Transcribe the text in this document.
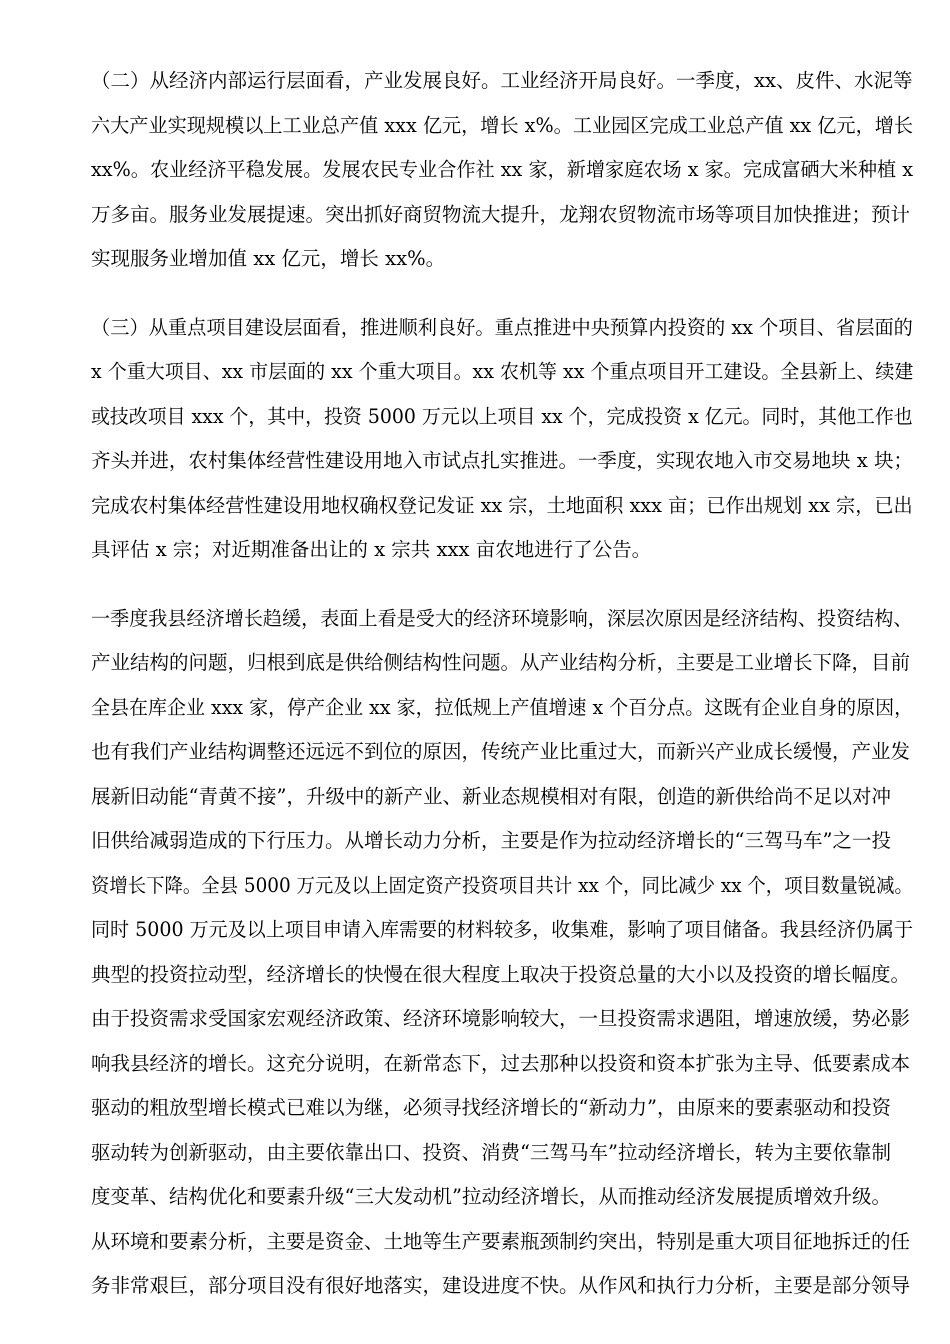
（二）从经济内部运行层面看，产业发展良好。工业经济开局良好。一季度，xx、皮件、水泥等
六大产业实现规模以上工业总产值 xxx 亿元，增长 x%。工业园区完成工业总产值 xx 亿元，增长
xx%。农业经济平稳发展。发展农民专业合作社 xx 家，新增家庭农场 x 家。完成富硒大米种植 x
万多亩。服务业发展提速。突出抓好商贸物流大提升，龙翔农贸物流市场等项目加快推进；预计
实现服务业增加值 xx 亿元，增长 xx%。
（三）从重点项目建设层面看，推进顺利良好。重点推进中央预算内投资的 xx 个项目、省层面的
x 个重大项目、xx 市层面的 xx 个重大项目。xx 农机等 xx 个重点项目开工建设。全县新上、续建
或技改项目 xxx 个，其中，投资 5000 万元以上项目 xx 个，完成投资 x 亿元。同时，其他工作也
齐头并进，农村集体经营性建设用地入市试点扎实推进。一季度，实现农地入市交易地块 x 块；
完成农村集体经营性建设用地权确权登记发证 xx 宗，土地面积 xxx 亩；已作出规划 xx 宗，已出
具评估 x 宗；对近期准备出让的 x 宗共 xxx 亩农地进行了公告。
一季度我县经济增长趋缓，表面上看是受大的经济环境影响，深层次原因是经济结构、投资结构、
产业结构的问题，归根到底是供给侧结构性问题。从产业结构分析，主要是工业增长下降，目前
全县在库企业 xxx 家，停产企业 xx 家，拉低规上产值增速 x 个百分点。这既有企业自身的原因，
也有我们产业结构调整还远远不到位的原因，传统产业比重过大，而新兴产业成长缓慢，产业发
展新旧动能“青黄不接”，升级中的新产业、新业态规模相对有限，创造的新供给尚不足以对冲
旧供给减弱造成的下行压力。从增长动力分析，主要是作为拉动经济增长的“三驾马车”之一投
资增长下降。全县 5000 万元及以上固定资产投资项目共计 xx 个，同比减少 xx 个，项目数量锐减。
同时 5000 万元及以上项目申请入库需要的材料较多，收集难，影响了项目储备。我县经济仍属于
典型的投资拉动型，经济增长的快慢在很大程度上取决于投资总量的大小以及投资的增长幅度。
由于投资需求受国家宏观经济政策、经济环境影响较大，一旦投资需求遇阻，增速放缓，势必影
响我县经济的增长。这充分说明，在新常态下，过去那种以投资和资本扩张为主导、低要素成本
驱动的粗放型增长模式已难以为继，必须寻找经济增长的“新动力”，由原来的要素驱动和投资
驱动转为创新驱动，由主要依靠出口、投资、消费“三驾马车”拉动经济增长，转为主要依靠制
度变革、结构优化和要素升级“三大发动机”拉动经济增长，从而推动经济发展提质增效升级。
从环境和要素分析，主要是资金、土地等生产要素瓶颈制约突出，特别是重大项目征地拆迁的任
务非常艰巨，部分项目没有很好地落实，建设进度不快。从作风和执行力分析，主要是部分领导
